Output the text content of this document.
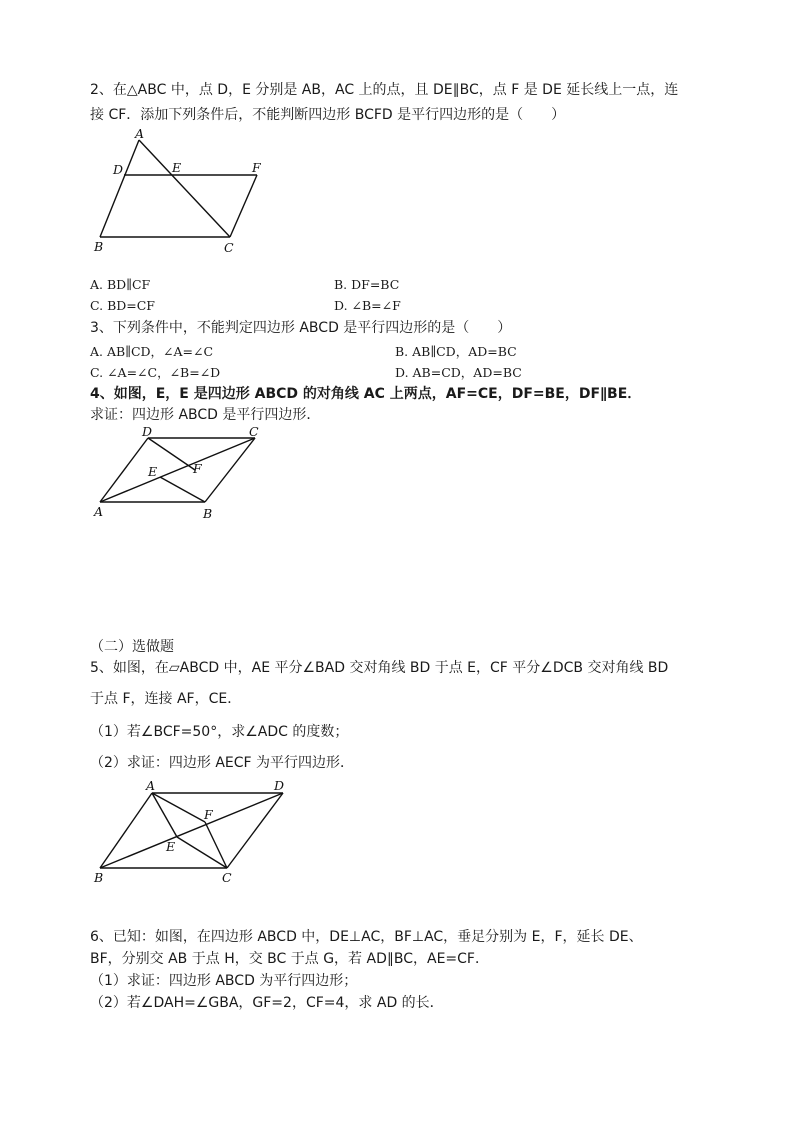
2、在△ABC 中，点 D，E 分别是 AB，AC 上的点，且 DE∥BC，点 F 是 DE 延长线上一点，连
接 CF．添加下列条件后，不能判断四边形 BCFD 是平行四边形的是（　　）
A
D	E	F
B	C
A. BD∥CF	B. DF=BC
C. BD=CF	D. ∠B=∠F
3、下列条件中，不能判定四边形 ABCD 是平行四边形的是（　　）
A. AB∥CD，∠A=∠C	B. AB∥CD，AD=BC
C. ∠A=∠C，∠B=∠D	D. AB=CD，AD=BC
4、如图，E，E 是四边形 ABCD 的对角线 AC 上两点，AF=CE，DF=BE，DF∥BE．
求证：四边形 ABCD 是平行四边形．
D	C
E	F
A	B
（二）选做题
5、如图，在▱ABCD 中，AE 平分∠BAD 交对角线 BD 于点 E，CF 平分∠DCB 交对角线 BD
于点 F，连接 AF，CE．
（1）若∠BCF=50°，求∠ADC 的度数；
（2）求证：四边形 AECF 为平行四边形．
A	D
F
E
B	C
6、已知：如图，在四边形 ABCD 中，DE⊥AC，BF⊥AC，垂足分别为 E，F，延长 DE、
BF，分别交 AB 于点 H，交 BC 于点 G，若 AD∥BC，AE=CF．
（1）求证：四边形 ABCD 为平行四边形；
（2）若∠DAH=∠GBA，GF=2，CF=4，求 AD 的长．
